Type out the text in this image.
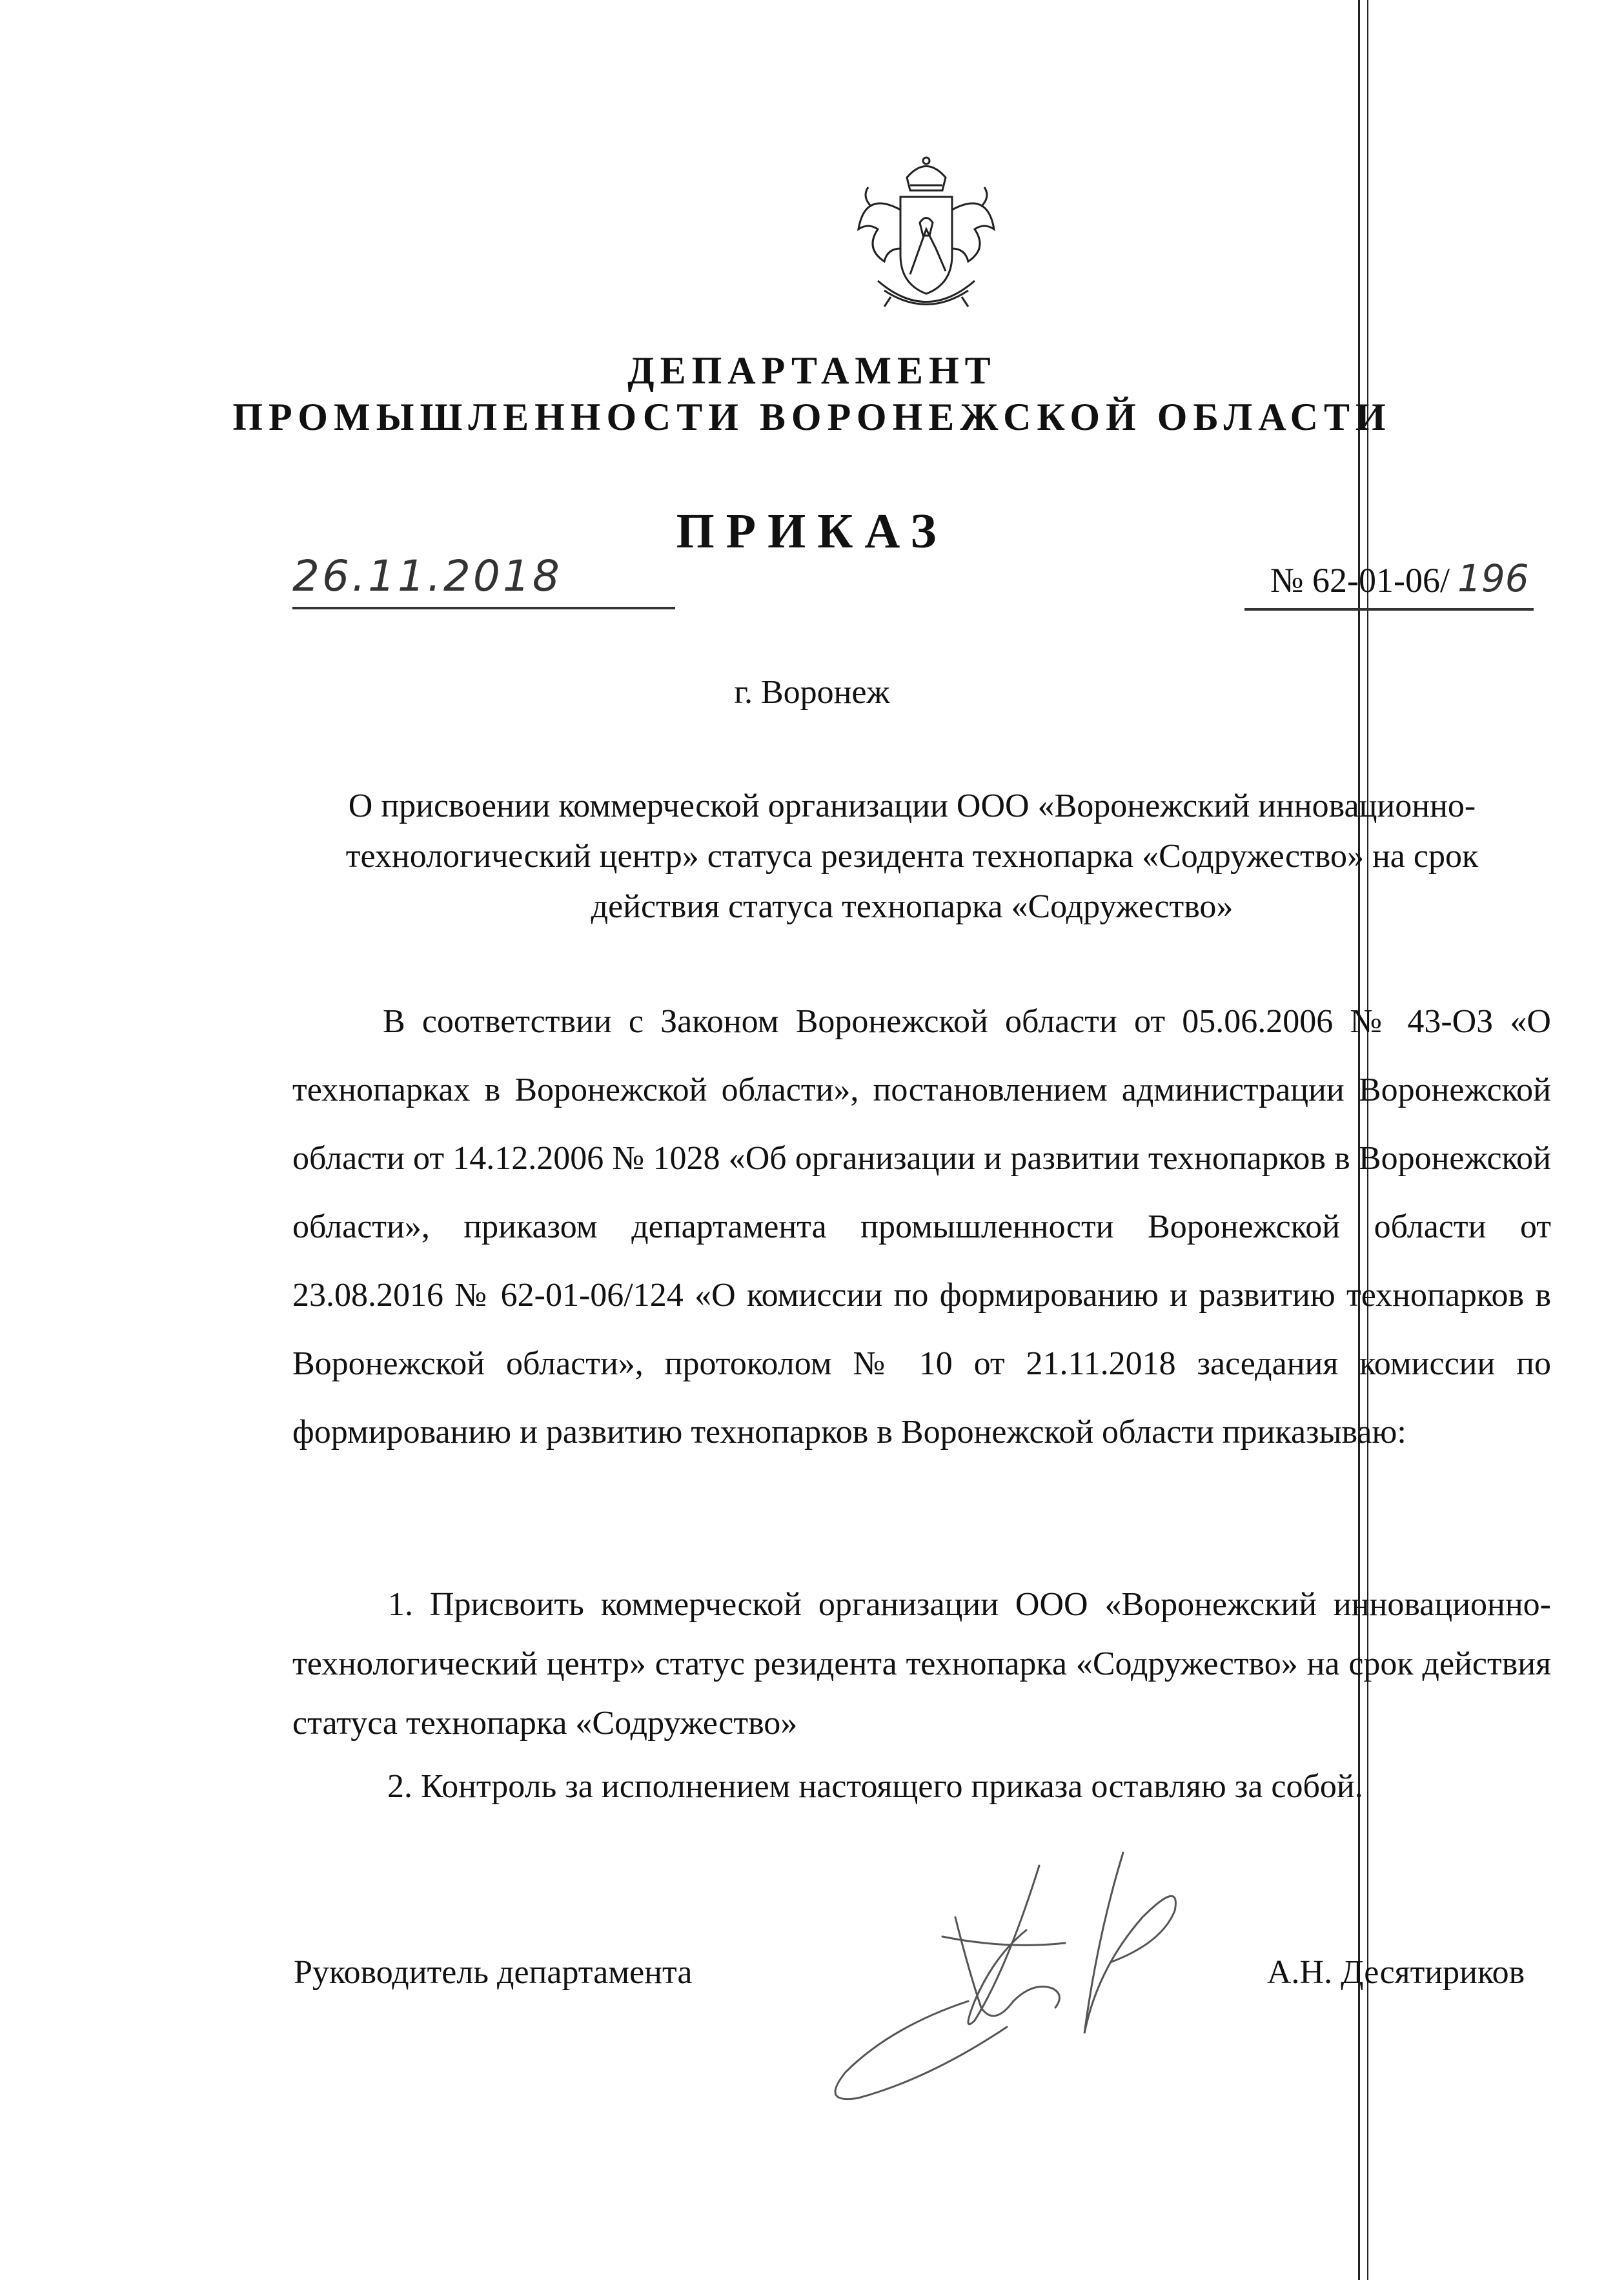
ДЕПАРТАМЕНТ
ПРОМЫШЛЕННОСТИ ВОРОНЕЖСКОЙ ОБЛАСТИ
ПРИКАЗ
26.11.2018	№ 62-01-06/ 196
г. Воронеж
О присвоении коммерческой организации ООО «Воронежский инновационно-технологический центр» статуса резидента технопарка «Содружество» на срок действия статуса технопарка «Содружество»

В соответствии с Законом Воронежской области от 05.06.2006 № 43-ОЗ «О технопарках в Воронежской области», постановлением администрации Воронежской области от 14.12.2006 № 1028 «Об организации и развитии технопарков в Воронежской области», приказом департамента промышленности Воронежской области от 23.08.2016 № 62-01-06/124 «О комиссии по формированию и развитию технопарков в Воронежской области», протоколом № 10 от 21.11.2018 заседания комиссии по формированию и развитию технопарков в Воронежской области приказываю:

1. Присвоить коммерческой организации ООО «Воронежский инновационно-технологический центр» статус резидента технопарка «Содружество» на срок действия статуса технопарка «Содружество»

2. Контроль за исполнением настоящего приказа оставляю за собой.
Руководитель департамента	А.Н. Десятириков
